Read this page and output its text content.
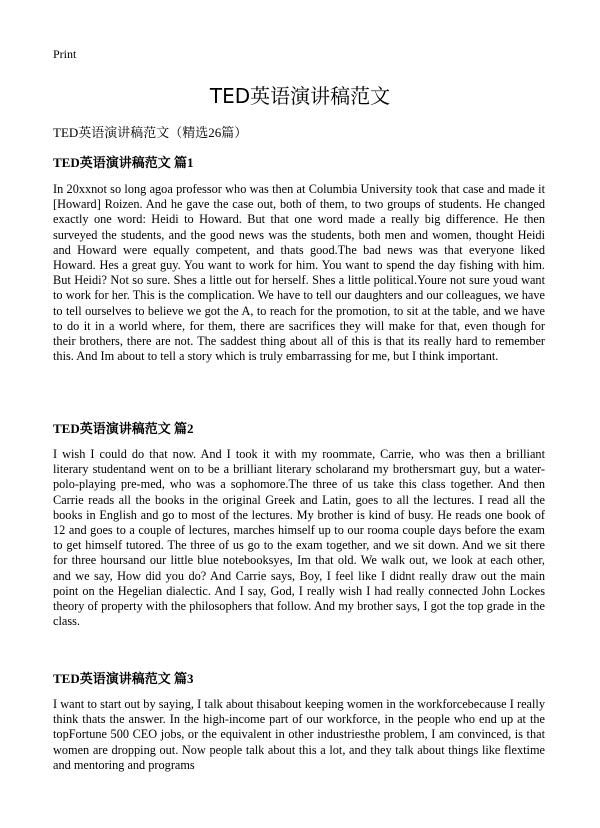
Print
TED英语演讲稿范文
TED英语演讲稿范文（精选26篇）
TED英语演讲稿范文 篇1

In 20xxnot so long agoa professor who was then at Columbia University took that case and made it [Howard] Roizen. And he gave the case out, both of them, to two groups of students. He changed exactly one word: Heidi to Howard. But that one word made a really big difference. He then surveyed the students, and the good news was the students, both men and women, thought Heidi and Howard were equally competent, and thats good.The bad news was that everyone liked Howard. Hes a great guy. You want to work for him. You want to spend the day fishing with him. But Heidi? Not so sure. Shes a little out for herself. Shes a little political.Youre not sure youd want to work for her. This is the complication. We have to tell our daughters and our colleagues, we have to tell ourselves to believe we got the A, to reach for the promotion, to sit at the table, and we have to do it in a world where, for them, there are sacrifices they will make for that, even though for their brothers, there are not. The saddest thing about all of this is that its really hard to remember this. And Im about to tell a story which is truly embarrassing for me, but I think important.

TED英语演讲稿范文 篇2

I wish I could do that now. And I took it with my roommate, Carrie, who was then a brilliant literary studentand went on to be a brilliant literary scholarand my brothersmart guy, but a water-polo-playing pre-med, who was a sophomore.The three of us take this class together. And then Carrie reads all the books in the original Greek and Latin, goes to all the lectures. I read all the books in English and go to most of the lectures. My brother is kind of busy. He reads one book of 12 and goes to a couple of lectures, marches himself up to our rooma couple days before the exam to get himself tutored. The three of us go to the exam together, and we sit down. And we sit there for three hoursand our little blue notebooksyes, Im that old. We walk out, we look at each other, and we say, How did you do? And Carrie says, Boy, I feel like I didnt really draw out the main point on the Hegelian dialectic. And I say, God, I really wish I had really connected John Lockes theory of property with the philosophers that follow. And my brother says, I got the top grade in the class.

TED英语演讲稿范文 篇3

I want to start out by saying, I talk about thisabout keeping women in the workforcebecause I really think thats the answer. In the high-income part of our workforce, in the people who end up at the topFortune 500 CEO jobs, or the equivalent in other industriesthe problem, I am convinced, is that women are dropping out. Now people talk about this a lot, and they talk about things like flextime and mentoring and programs
